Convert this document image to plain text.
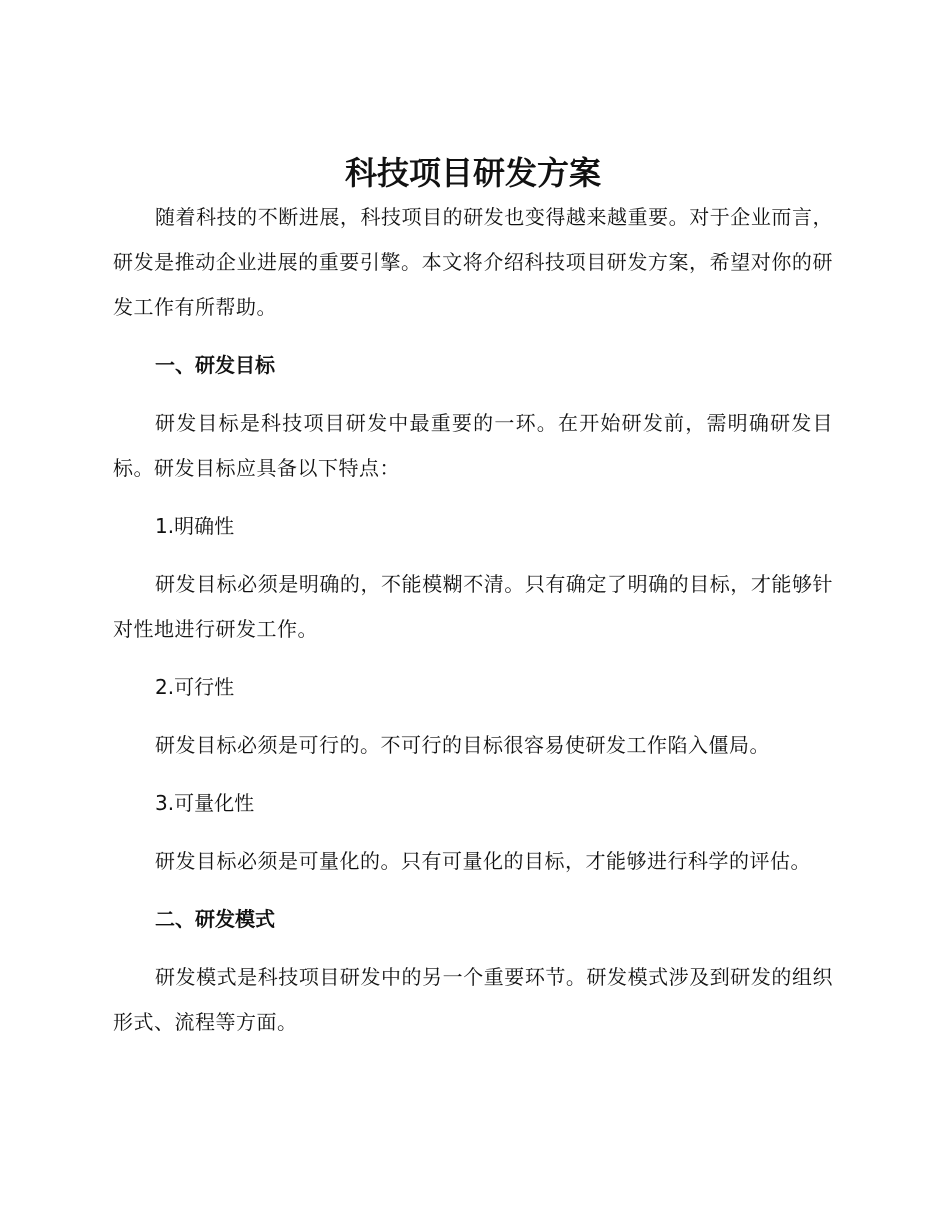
科技项目研发方案

随着科技的不断进展，科技项目的研发也变得越来越重要。对于企业而言，研发是推动企业进展的重要引擎。本文将介绍科技项目研发方案，希望对你的研发工作有所帮助。

一、研发目标

研发目标是科技项目研发中最重要的一环。在开始研发前，需明确研发目标。研发目标应具备以下特点：

1.明确性

研发目标必须是明确的，不能模糊不清。只有确定了明确的目标，才能够针对性地进行研发工作。

2.可行性

研发目标必须是可行的。不可行的目标很容易使研发工作陷入僵局。

3.可量化性

研发目标必须是可量化的。只有可量化的目标，才能够进行科学的评估。

二、研发模式

研发模式是科技项目研发中的另一个重要环节。研发模式涉及到研发的组织形式、流程等方面。
